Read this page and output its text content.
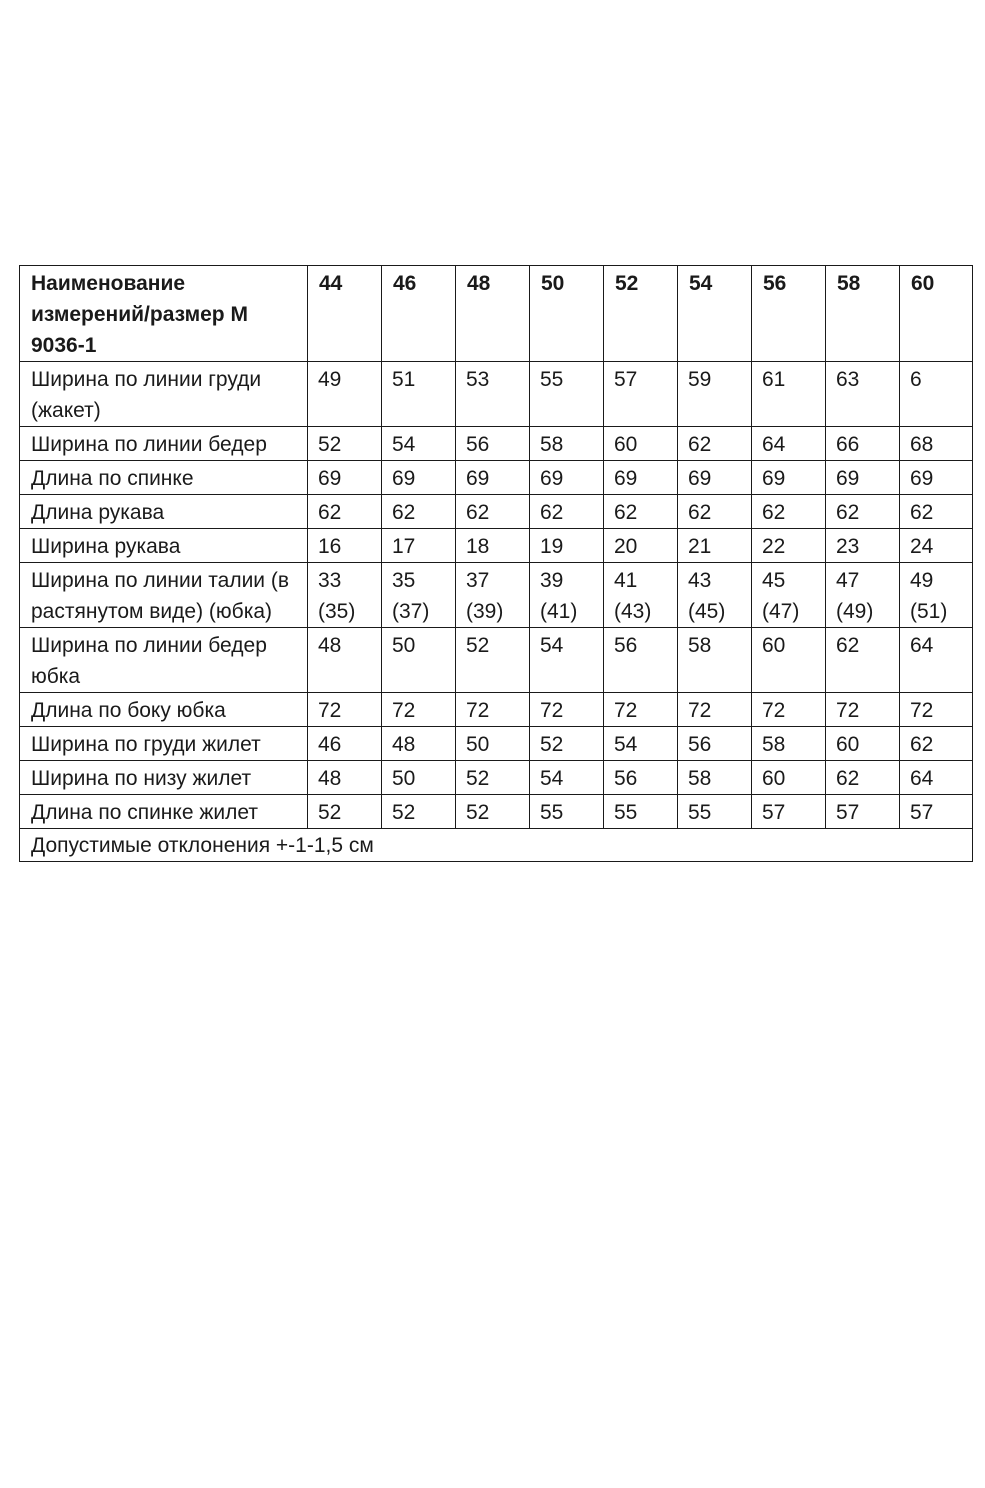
Наименование измерений/размер М 9036-1	44	46	48	50	52	54	56	58	60
Ширина по линии груди (жакет)	49	51	53	55	57	59	61	63	6
Ширина по линии бедер	52	54	56	58	60	62	64	66	68
Длина по спинке	69	69	69	69	69	69	69	69	69
Длина рукава	62	62	62	62	62	62	62	62	62
Ширина рукава	16	17	18	19	20	21	22	23	24
Ширина по линии талии (в растянутом виде) (юбка)	33 (35)	35 (37)	37 (39)	39 (41)	41 (43)	43 (45)	45 (47)	47 (49)	49 (51)
Ширина по линии бедер юбка	48	50	52	54	56	58	60	62	64
Длина по боку юбка	72	72	72	72	72	72	72	72	72
Ширина по груди жилет	46	48	50	52	54	56	58	60	62
Ширина по низу жилет	48	50	52	54	56	58	60	62	64
Длина по спинке жилет	52	52	52	55	55	55	57	57	57
Допустимые отклонения +-1-1,5 см									
